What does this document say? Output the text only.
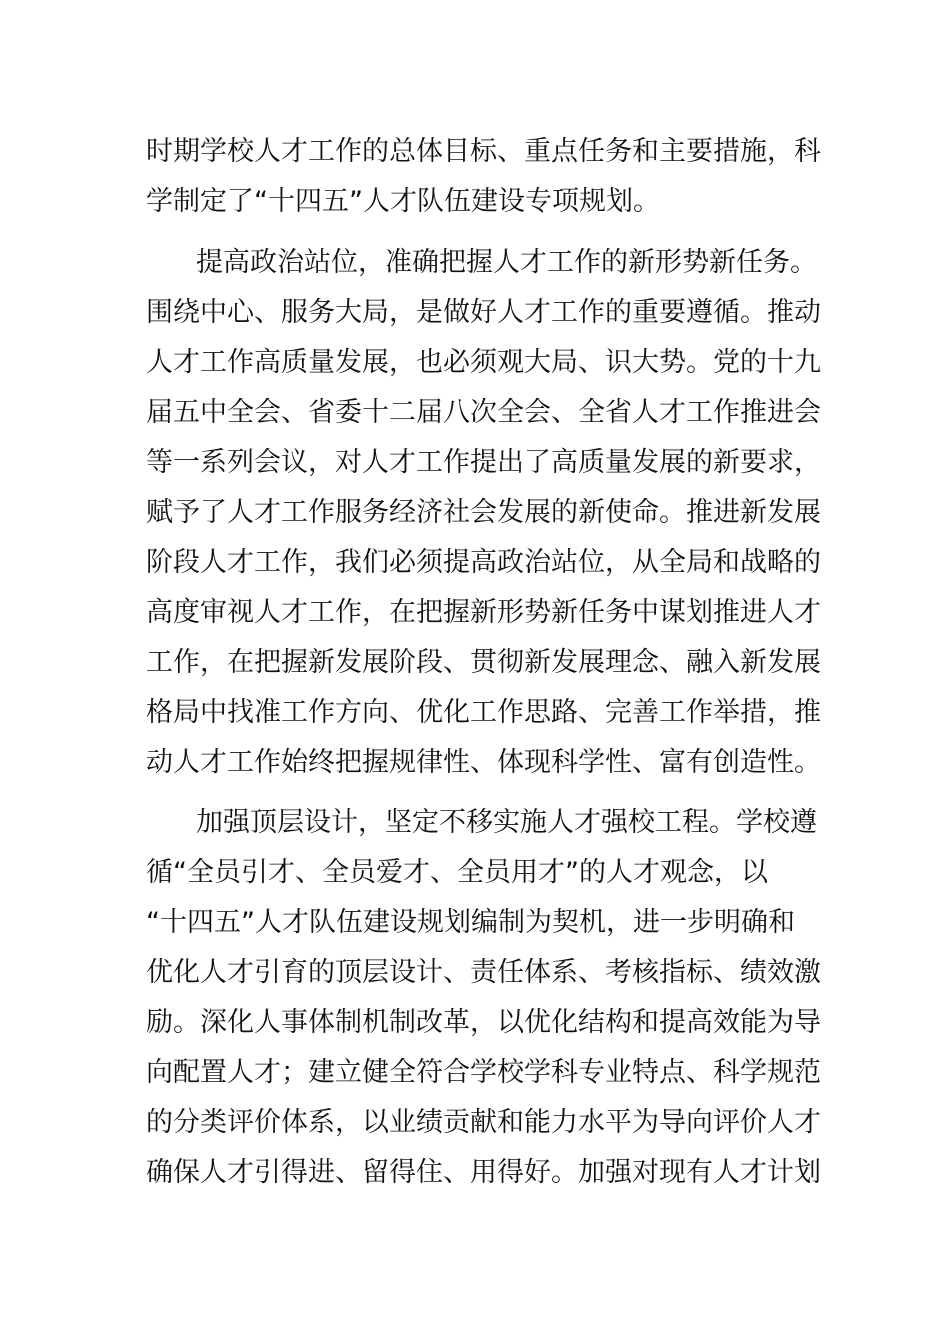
时期学校人才工作的总体目标、重点任务和主要措施，科
学制定了“十四五”人才队伍建设专项规划。
提高政治站位，准确把握人才工作的新形势新任务。
围绕中心、服务大局，是做好人才工作的重要遵循。推动
人才工作高质量发展，也必须观大局、识大势。党的十九
届五中全会、省委十二届八次全会、全省人才工作推进会
等一系列会议，对人才工作提出了高质量发展的新要求，
赋予了人才工作服务经济社会发展的新使命。推进新发展
阶段人才工作，我们必须提高政治站位，从全局和战略的
高度审视人才工作，在把握新形势新任务中谋划推进人才
工作，在把握新发展阶段、贯彻新发展理念、融入新发展
格局中找准工作方向、优化工作思路、完善工作举措，推
动人才工作始终把握规律性、体现科学性、富有创造性。
加强顶层设计，坚定不移实施人才强校工程。学校遵
循“全员引才、全员爱才、全员用才”的人才观念，以
“十四五”人才队伍建设规划编制为契机，进一步明确和
优化人才引育的顶层设计、责任体系、考核指标、绩效激
励。深化人事体制机制改革，以优化结构和提高效能为导
向配置人才；建立健全符合学校学科专业特点、科学规范
的分类评价体系，以业绩贡献和能力水平为导向评价人才
确保人才引得进、留得住、用得好。加强对现有人才计划
